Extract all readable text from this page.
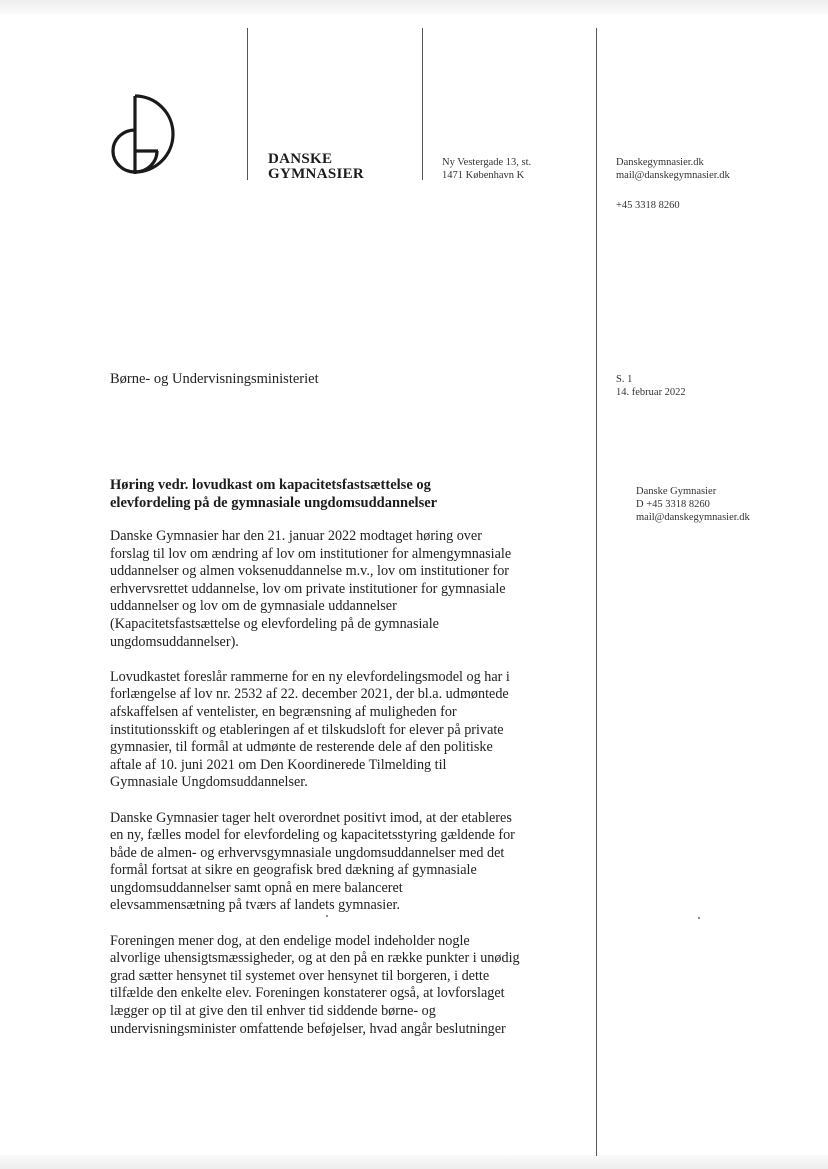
DANSKE
GYMNASIER
Ny Vestergade 13, st.
1471 København K
Danskegymnasier.dk
mail@danskegymnasier.dk
+45 3318 8260
Børne- og Undervisningsministeriet	S. 1
14. februar 2022
Danske Gymnasier
D +45 3318 8260
mail@danskegymnasier.dk
Høring vedr. lovudkast om kapacitetsfastsættelse og
elevfordeling på de gymnasiale ungdomsuddannelser

Danske Gymnasier har den 21. januar 2022 modtaget høring over
forslag til lov om ændring af lov om institutioner for almengymnasiale
uddannelser og almen voksenuddannelse m.v., lov om institutioner for
erhvervsrettet uddannelse, lov om private institutioner for gymnasiale
uddannelser og lov om de gymnasiale uddannelser
(Kapacitetsfastsættelse og elevfordeling på de gymnasiale
ungdomsuddannelser).

Lovudkastet foreslår rammerne for en ny elevfordelingsmodel og har i
forlængelse af lov nr. 2532 af 22. december 2021, der bl.a. udmøntede
afskaffelsen af ventelister, en begrænsning af muligheden for
institutionsskift og etableringen af et tilskudsloft for elever på private
gymnasier, til formål at udmønte de resterende dele af den politiske
aftale af 10. juni 2021 om Den Koordinerede Tilmelding til
Gymnasiale Ungdomsuddannelser.

Danske Gymnasier tager helt overordnet positivt imod, at der etableres
en ny, fælles model for elevfordeling og kapacitetsstyring gældende for
både de almen- og erhvervsgymnasiale ungdomsuddannelser med det
formål fortsat at sikre en geografisk bred dækning af gymnasiale
ungdomsuddannelser samt opnå en mere balanceret
elevsammensætning på tværs af landets gymnasier.

Foreningen mener dog, at den endelige model indeholder nogle
alvorlige uhensigtsmæssigheder, og at den på en række punkter i unødig
grad sætter hensynet til systemet over hensynet til borgeren, i dette
tilfælde den enkelte elev. Foreningen konstaterer også, at lovforslaget
lægger op til at give den til enhver tid siddende børne- og
undervisningsminister omfattende beføjelser, hvad angår beslutninger
